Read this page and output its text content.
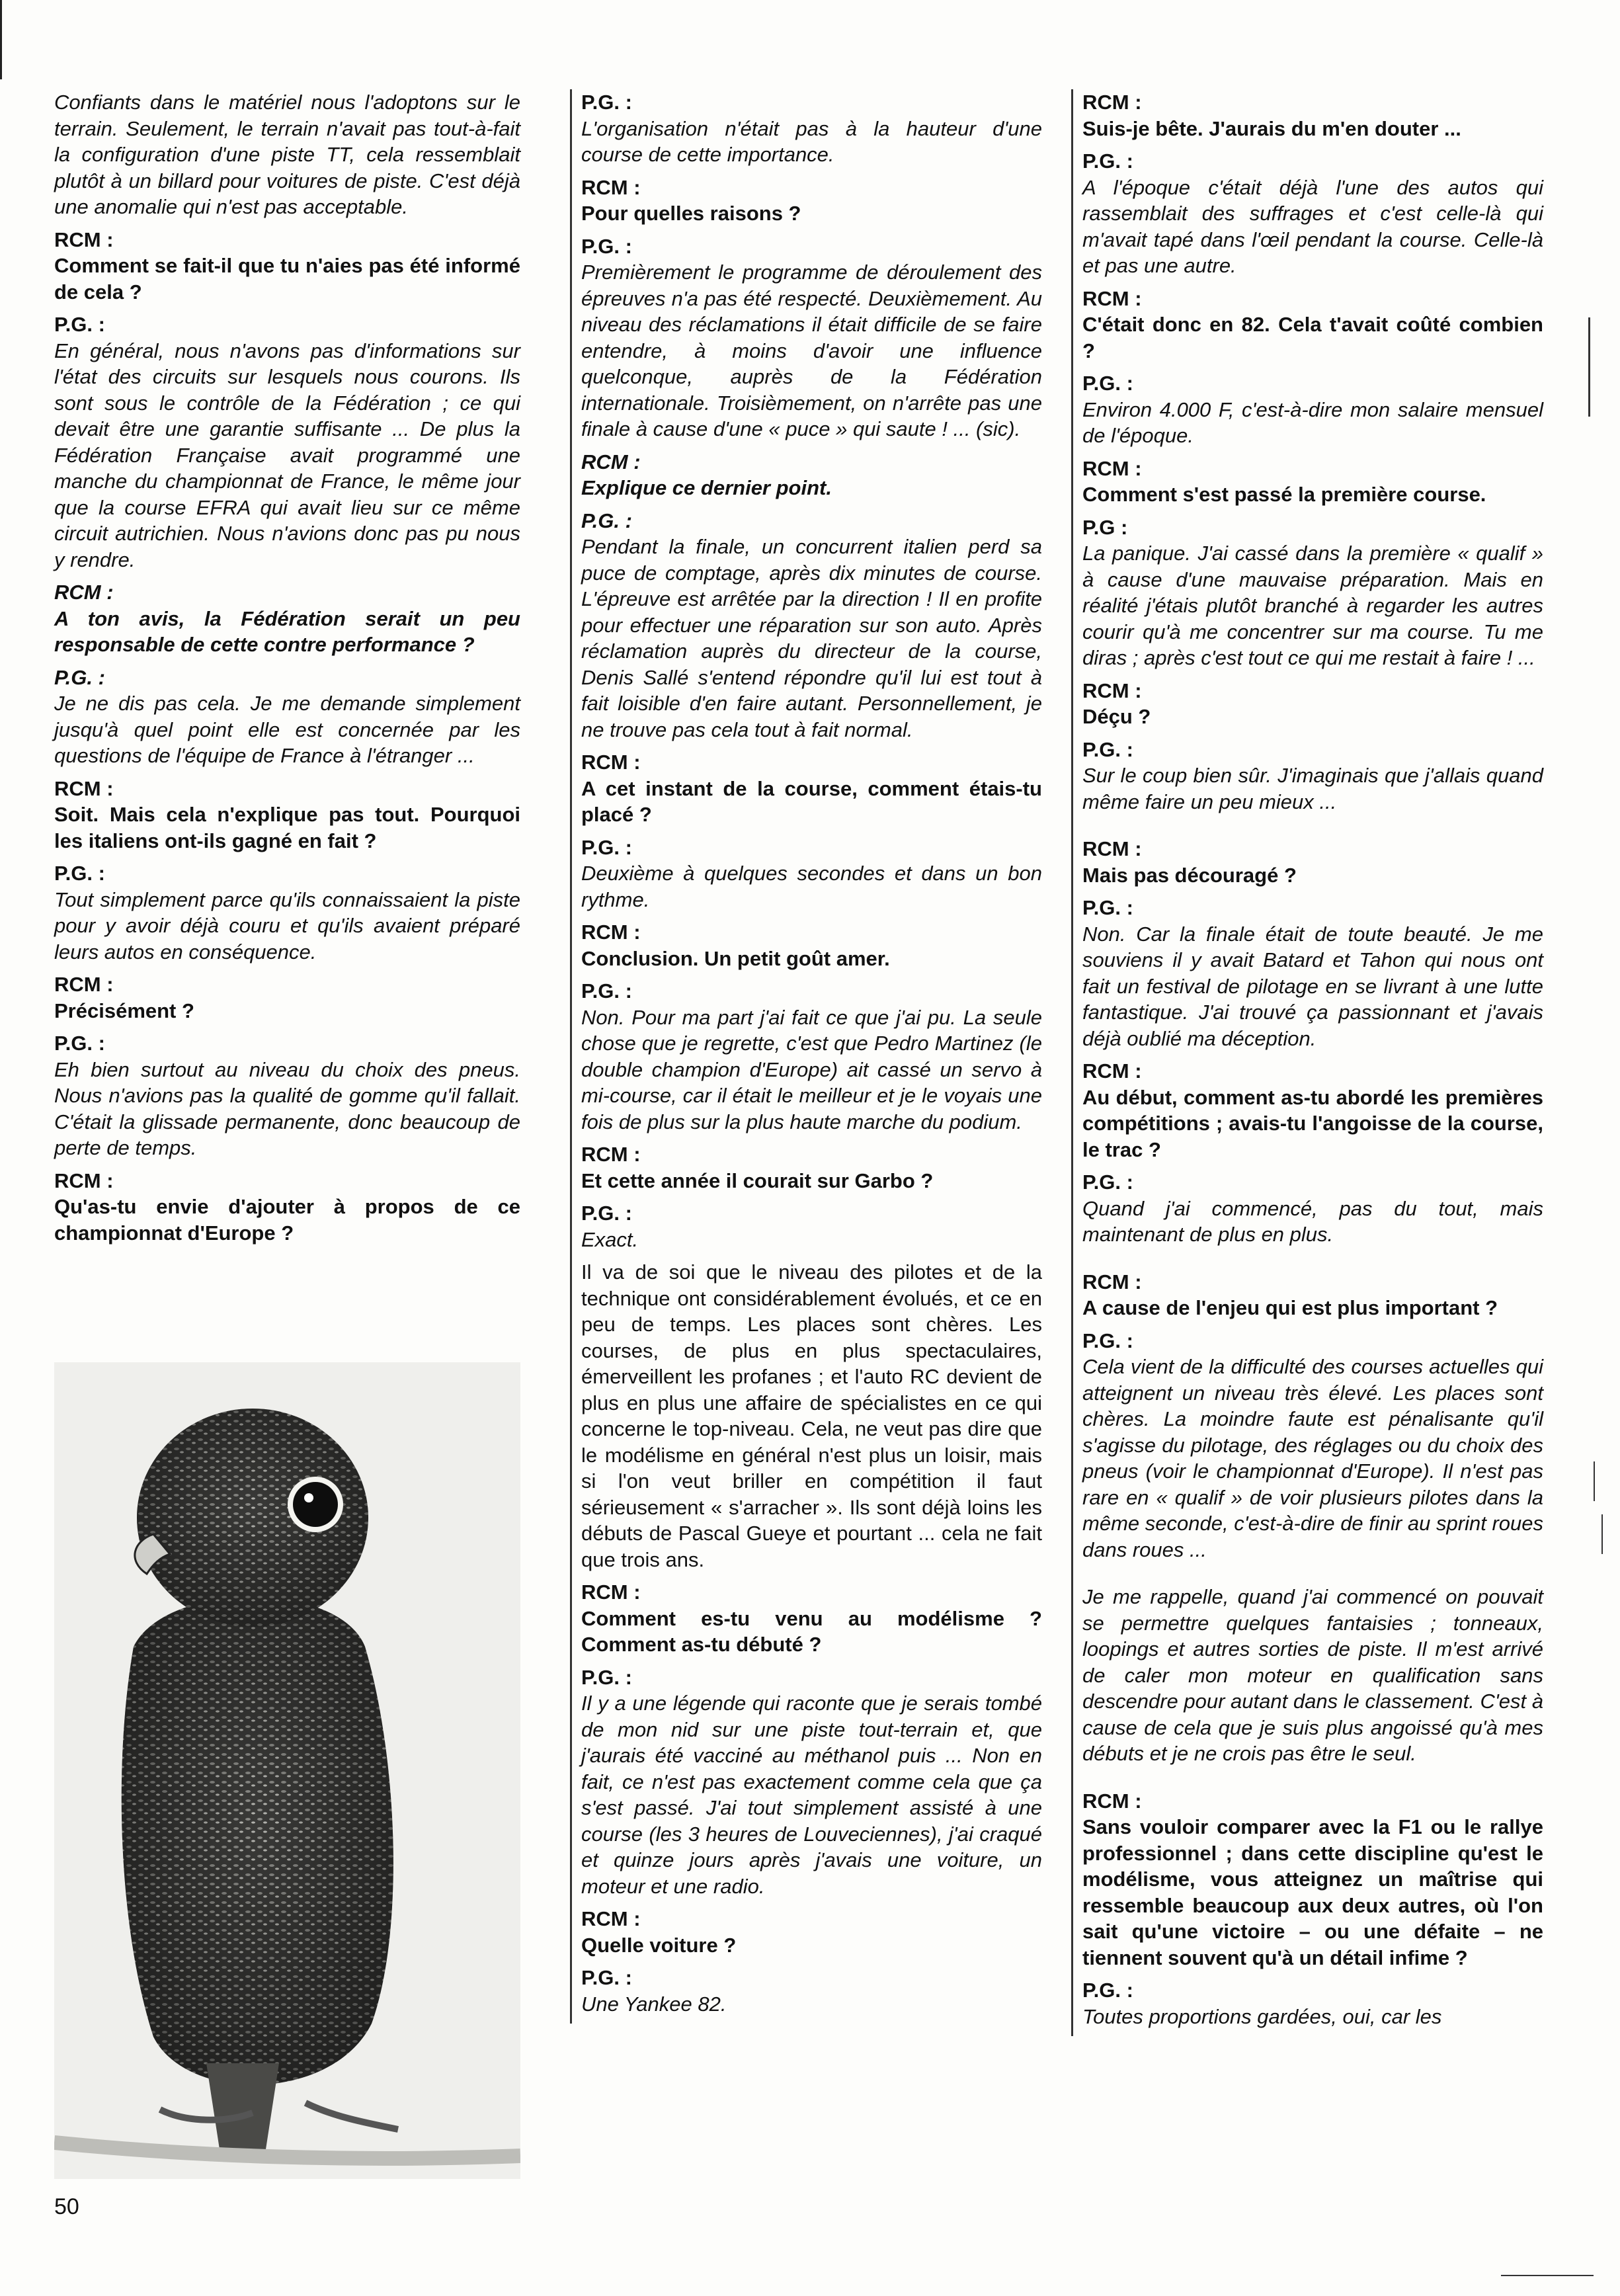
Confiants dans le matériel nous l'adoptons sur le terrain. Seulement, le terrain n'avait pas tout-à-fait la configuration d'une piste TT, cela ressemblait plutôt à un billard pour voitures de piste. C'est déjà une anomalie qui n'est pas acceptable.

RCM :

Comment se fait-il que tu n'aies pas été informé de cela ?

P.G. :

En général, nous n'avons pas d'informations sur l'état des circuits sur lesquels nous courons. Ils sont sous le contrôle de la Fédération ; ce qui devait être une garantie suffisante ... De plus la Fédération Française avait programmé une manche du championnat de France, le même jour que la course EFRA qui avait lieu sur ce même circuit autrichien. Nous n'avions donc pas pu nous y rendre.

RCM :

A ton avis, la Fédération serait un peu responsable de cette contre performance ?

P.G. :

Je ne dis pas cela. Je me demande simplement jusqu'à quel point elle est concernée par les questions de l'équipe de France à l'étranger ...

RCM :

Soit. Mais cela n'explique pas tout. Pourquoi les italiens ont-ils gagné en fait ?

P.G. :

Tout simplement parce qu'ils connaissaient la piste pour y avoir déjà couru et qu'ils avaient préparé leurs autos en conséquence.

RCM :

Précisément ?

P.G. :

Eh bien surtout au niveau du choix des pneus. Nous n'avions pas la qualité de gomme qu'il fallait. C'était la glissade permanente, donc beaucoup de perte de temps.

RCM :

Qu'as-tu envie d'ajouter à propos de ce championnat d'Europe ?

P.G. :

L'organisation n'était pas à la hauteur d'une course de cette importance.

RCM :

Pour quelles raisons ?

P.G. :

Premièrement le programme de déroulement des épreuves n'a pas été respecté. Deuxièmement. Au niveau des réclamations il était difficile de se faire entendre, à moins d'avoir une influence quelconque, auprès de la Fédération internationale. Troisièmement, on n'arrête pas une finale à cause d'une « puce » qui saute ! ... (sic).

RCM :

Explique ce dernier point.

P.G. :

Pendant la finale, un concurrent italien perd sa puce de comptage, après dix minutes de course. L'épreuve est arrêtée par la direction ! Il en profite pour effectuer une réparation sur son auto. Après réclamation auprès du directeur de la course, Denis Sallé s'entend répondre qu'il lui est tout à fait loisible d'en faire autant. Personnellement, je ne trouve pas cela tout à fait normal.

RCM :

A cet instant de la course, comment étais-tu placé ?

P.G. :

Deuxième à quelques secondes et dans un bon rythme.

RCM :

Conclusion. Un petit goût amer.

P.G. :

Non. Pour ma part j'ai fait ce que j'ai pu. La seule chose que je regrette, c'est que Pedro Martinez (le double champion d'Europe) ait cassé un servo à mi-course, car il était le meilleur et je le voyais une fois de plus sur la plus haute marche du podium.

RCM :

Et cette année il courait sur Garbo ?

P.G. :

Exact.

Il va de soi que le niveau des pilotes et de la technique ont considérablement évolués, et ce en peu de temps. Les places sont chères. Les courses, de plus en plus spectaculaires, émerveillent les profanes ; et l'auto RC devient de plus en plus une affaire de spécialistes en ce qui concerne le top-niveau. Cela, ne veut pas dire que le modélisme en général n'est plus un loisir, mais si l'on veut briller en compétition il faut sérieusement « s'arracher ». Ils sont déjà loins les débuts de Pascal Gueye et pourtant ... cela ne fait que trois ans.

RCM :

Comment es-tu venu au modélisme ? Comment as-tu débuté ?

P.G. :

Il y a une légende qui raconte que je serais tombé de mon nid sur une piste tout-terrain et, que j'aurais été vacciné au méthanol puis ... Non en fait, ce n'est pas exactement comme cela que ça s'est passé. J'ai tout simplement assisté à une course (les 3 heures de Louveciennes), j'ai craqué et quinze jours après j'avais une voiture, un moteur et une radio.

RCM :

Quelle voiture ?

P.G. :

Une Yankee 82.

RCM :

Suis-je bête. J'aurais du m'en douter ...

P.G. :

A l'époque c'était déjà l'une des autos qui rassemblait des suffrages et c'est celle-là qui m'avait tapé dans l'œil pendant la course. Celle-là et pas une autre.

RCM :

C'était donc en 82. Cela t'avait coûté combien ?

P.G. :

Environ 4.000 F, c'est-à-dire mon salaire mensuel de l'époque.

RCM :

Comment s'est passé la première course.

P.G :

La panique. J'ai cassé dans la première « qualif » à cause d'une mauvaise préparation. Mais en réalité j'étais plutôt branché à regarder les autres courir qu'à me concentrer sur ma course. Tu me diras ; après c'est tout ce qui me restait à faire ! ...

RCM :

Déçu ?

P.G. :

Sur le coup bien sûr. J'imaginais que j'allais quand même faire un peu mieux ...

RCM :

Mais pas découragé ?

P.G. :

Non. Car la finale était de toute beauté. Je me souviens il y avait Batard et Tahon qui nous ont fait un festival de pilotage en se livrant à une lutte fantastique. J'ai trouvé ça passionnant et j'avais déjà oublié ma déception.

RCM :

Au début, comment as-tu abordé les premières compétitions ; avais-tu l'angoisse de la course, le trac ?

P.G. :

Quand j'ai commencé, pas du tout, mais maintenant de plus en plus.

RCM :

A cause de l'enjeu qui est plus important ?

P.G. :

Cela vient de la difficulté des courses actuelles qui atteignent un niveau très élevé. Les places sont chères. La moindre faute est pénalisante qu'il s'agisse du pilotage, des réglages ou du choix des pneus (voir le championnat d'Europe). Il n'est pas rare en « qualif » de voir plusieurs pilotes dans la même seconde, c'est-à-dire de finir au sprint roues dans roues ...

Je me rappelle, quand j'ai commencé on pouvait se permettre quelques fantaisies ; tonneaux, loopings et autres sorties de piste. Il m'est arrivé de caler mon moteur en qualification sans descendre pour autant dans le classement. C'est à cause de cela que je suis plus angoissé qu'à mes débuts et je ne crois pas être le seul.

RCM :

Sans vouloir comparer avec la F1 ou le rallye professionnel ; dans cette discipline qu'est le modélisme, vous atteignez un maîtrise qui ressemble beaucoup aux deux autres, où l'on sait qu'une victoire – ou une défaite – ne tiennent souvent qu'à un détail infime ?

P.G. :

Toutes proportions gardées, oui, car les

50
